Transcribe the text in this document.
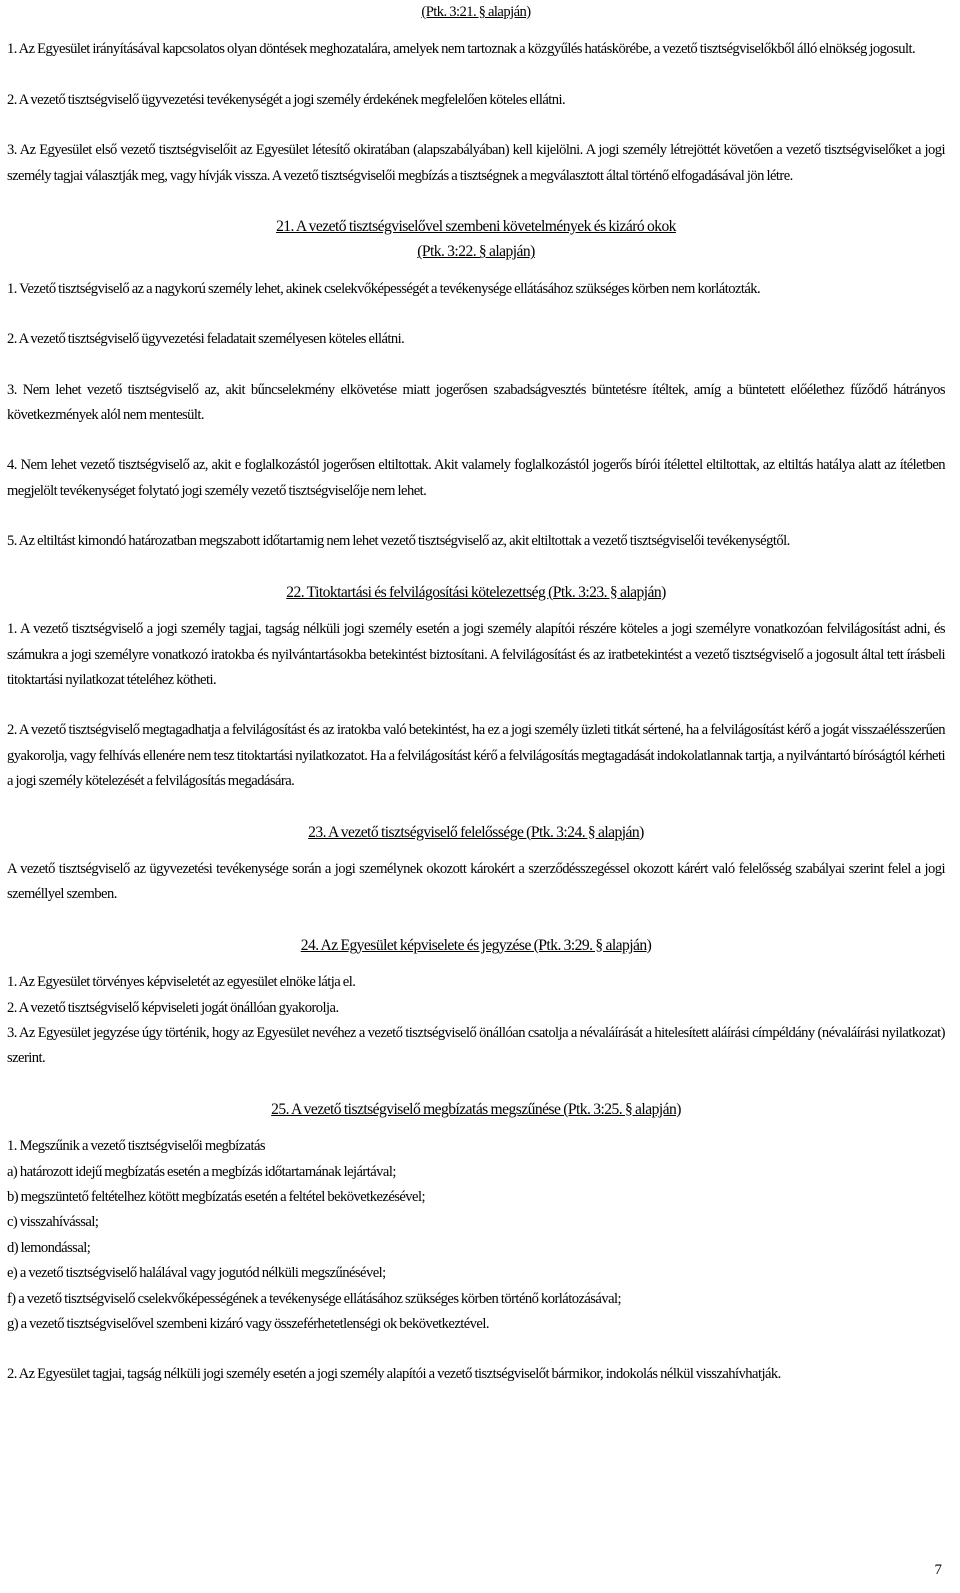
(Ptk. 3:21. § alapján)

1. Az Egyesület irányításával kapcsolatos olyan döntések meghozatalára, amelyek nem tartoznak a közgyűlés hatáskörébe, a vezető tisztségviselőkből álló elnökség jogosult.

2. A vezető tisztségviselő ügyvezetési tevékenységét a jogi személy érdekének megfelelően köteles ellátni.

3. Az Egyesület első vezető tisztségviselőit az Egyesület létesítő okiratában (alapszabályában) kell kijelölni. A jogi személy létrejöttét követően a vezető tisztségviselőket a jogi személy tagjai választják meg, vagy hívják vissza. A vezető tisztségviselői megbízás a tisztségnek a megválasztott által történő elfogadásával jön létre.

21. A vezető tisztségviselővel szembeni követelmények és kizáró okok

(Ptk. 3:22. § alapján)

1. Vezető tisztségviselő az a nagykorú személy lehet, akinek cselekvőképességét a tevékenysége ellátásához szükséges körben nem korlátozták.

2. A vezető tisztségviselő ügyvezetési feladatait személyesen köteles ellátni.

3. Nem lehet vezető tisztségviselő az, akit bűncselekmény elkövetése miatt jogerősen szabadságvesztés büntetésre ítéltek, amíg a büntetett előélethez fűződő hátrányos következmények alól nem mentesült.

4. Nem lehet vezető tisztségviselő az, akit e foglalkozástól jogerősen eltiltottak. Akit valamely foglalkozástól jogerős bírói ítélettel eltiltottak, az eltiltás hatálya alatt az ítéletben megjelölt tevékenységet folytató jogi személy vezető tisztségviselője nem lehet.

5. Az eltiltást kimondó határozatban megszabott időtartamig nem lehet vezető tisztségviselő az, akit eltiltottak a vezető tisztségviselői tevékenységtől.

22. Titoktartási és felvilágosítási kötelezettség (Ptk. 3:23. § alapján)

1. A vezető tisztségviselő a jogi személy tagjai, tagság nélküli jogi személy esetén a jogi személy alapítói részére köteles a jogi személyre vonatkozóan felvilágosítást adni, és számukra a jogi személyre vonatkozó iratokba és nyilvántartásokba betekintést biztosítani. A felvilágosítást és az iratbetekintést a vezető tisztségviselő a jogosult által tett írásbeli titoktartási nyilatkozat tételéhez kötheti.

2. A vezető tisztségviselő megtagadhatja a felvilágosítást és az iratokba való betekintést, ha ez a jogi személy üzleti titkát sértené, ha a felvilágosítást kérő a jogát visszaélésszerűen gyakorolja, vagy felhívás ellenére nem tesz titoktartási nyilatkozatot. Ha a felvilágosítást kérő a felvilágosítás megtagadását indokolatlannak tartja, a nyilvántartó bíróságtól kérheti a jogi személy kötelezését a felvilágosítás megadására.

23. A vezető tisztségviselő felelőssége (Ptk. 3:24. § alapján)

A vezető tisztségviselő az ügyvezetési tevékenysége során a jogi személynek okozott károkért a szerződésszegéssel okozott kárért való felelősség szabályai szerint felel a jogi személlyel szemben.

24. Az Egyesület képviselete és jegyzése (Ptk. 3:29. § alapján)

1. Az Egyesület törvényes képviseletét az egyesület elnöke látja el.

2. A vezető tisztségviselő képviseleti jogát önállóan gyakorolja.

3. Az Egyesület jegyzése úgy történik, hogy az Egyesület nevéhez a vezető tisztségviselő önállóan csatolja a névaláírását a hitelesített aláírási címpéldány (névaláírási nyilatkozat) szerint.

25. A vezető tisztségviselő megbízatás megszűnése (Ptk. 3:25. § alapján)

1. Megszűnik a vezető tisztségviselői megbízatás

a) határozott idejű megbízatás esetén a megbízás időtartamának lejártával;

b) megszüntető feltételhez kötött megbízatás esetén a feltétel bekövetkezésével;

c) visszahívással;

d) lemondással;

e) a vezető tisztségviselő halálával vagy jogutód nélküli megszűnésével;

f) a vezető tisztségviselő cselekvőképességének a tevékenysége ellátásához szükséges körben történő korlátozásával;

g) a vezető tisztségviselővel szembeni kizáró vagy összeférhetetlenségi ok bekövetkeztével.

2. Az Egyesület tagjai, tagság nélküli jogi személy esetén a jogi személy alapítói a vezető tisztségviselőt bármikor, indokolás nélkül visszahívhatják.

7
